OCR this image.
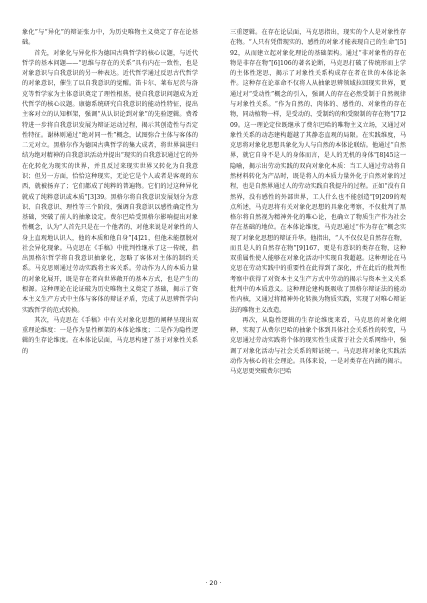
象化”与“异化”的辩证张力中，为历史唯物主义奠定了存在论基础。

首先，对象化与异化作为德国古典哲学的核心议题，与近代哲学的基本问题——“思维与存在的关系”具有内在一致性，也是对象意识与自我意识的另一种表达。近代哲学通过反思古代哲学的对象意识，催生了以自我意识的觉醒。笛卡尔、莱布尼茨与洛克等哲学家为主体意识奠定了理性根基，使自我意识问题成为近代哲学的核心议题。康德系统研究自我意识的能动性特征，提出主客对立的认知框架，强调“从认识论到对象”的先验逻辑。费希特进一步将自我意识发展为辩证运动过程，揭示其创造性与否定性特征。谢林则通过“绝对同一性”概念，试图弥合主体与客体的二元对立。黑格尔作为德国古典哲学的集大成者，将世界演进归结为绝对精神的自我意识活动并提出“现实的自我意识通过它的外在化转化为现实的世界，并且反过来现实世界又转化为自我意识；但另一方面，恰恰这种现实，无论它是个人或者是客观的东西，就被扬弃了；它们都成了纯粹的普遍物。它们的过这种异化就成了纯粹意识或本质”[3]39。黑格尔将自我意识发展划分为意识、自我意识、理性等三个阶段，强调自我意识以感性确定性为基础，突破了前人的抽象设定。费尔巴哈受黑格尔影响提出对象性概念，认为“人首先只是在一个他者的、对他来说是对象性的人身上直观地认识人，他的本质和他自身”[4]21，但他未能摆脱对社会异化现象。马克思在《手稿》中批判性继承了这一传统，指出黑格尔哲学将自我意识抽象化，忽略了客体对主体的制约关系。马克思则通过劳动实践将主客关系。劳动作为人的本质力量的对象化展开，既是存在者向世界敞开的基本方式，也是产生的根源。这种理论在论证破为历史唯物主义奠定了基础，揭示了资本主义生产方式中主体与客体的辩证矛盾，完成了从思辨哲学向实践哲学的范式转换。

其次，马克思在《手稿》中有关对象化思想的阐释呈现出双重理论维度：一是作为显性框架的本体论维度；二是作为隐性逻辑的生存论维度。在本体论层面，马克思构建了基于对象性关系的

三重逻辑。在存在论层面，马克思指出，现实的个人是对象性存在物。“人只有凭借现实的、感性的对象才能表现自己的生命”[5]92，从而建立起对象化理论的基础架构。通过“非对象性的存在物是非存在物”[6]106的著名论断，马克思打破了传统形而上学的主体性迷思，揭示了对象性关系构成存在者在世的本体论条件。这种存在论革命不仅将人从抽象思辨领域拉回现实世界，更通过对“受动性”概念的引入，强调人的存在必然受制于自然规律与对象性关系。“作为自然的、肉体的、感性的、对象性的存在物，同动植物一样，是受动的、受制约的和受限制的存在物”[7]209。这一理论定位既继承了费尔巴哈的唯物主义立场，又通过对象性关系的动态建构超越了其静态直观的局限。在实践维度，马克思将对象化思想具象化为人与自然的本体论联结。他通过“自然界，就它自身不是人的身体而言，是人的无机的身体”[8]45这一隐喻，揭示出劳动实践的双向对象化本质：当工人通过劳动将自然材料转化为产品时，既是将人的本质力量外化于自然对象的过程，也是自然界通过人的劳动实践自我提升的过程。正如“没有自然界，没有感性的外部世界，工人什么也不能创造”[9]209的观点所述，马克思将有关对象化思想的具象化考察，不仅批判了黑格尔将自然视为精神外化的唯心论，也确立了物质生产作为社会存在基础的地位。在本体论维度，马克思通过“作为存在”概念实现了对象化思想的辩证升华。他指出，“人不仅仅是自然存在物，而且是人的自然存在物”[9]167，更是有意识的类存在物，这种双重属性使人能够在对象化活动中实现自我超越。这种理论在马克思在劳动实践中的重要性在此得到了深化，并在此后的批判性考察中获得了对资本主义生产方式中劳动的揭示与资本主义关系批判中的本质意义。这种理论建构既吸收了黑格尔辩证法的能动性内核，又通过将精神外化转换为物质实践，实现了对唯心辩证法的唯物主义改造。

再次，从隐性逻辑的生存论维度来看，马克思的对象化阐释，实现了从费尔巴哈的抽象个体到具体社会关系性的转变，马克思通过劳动实践将个体的现实性生成置于社会关系网络中，强调了对象化活动与社会关系的辩证统一。马克思将对象化实践活动作为核心的社会理论。具体来说，一是对类存在内涵的揭示。马克思更突破费尔巴哈

· 20 ·
